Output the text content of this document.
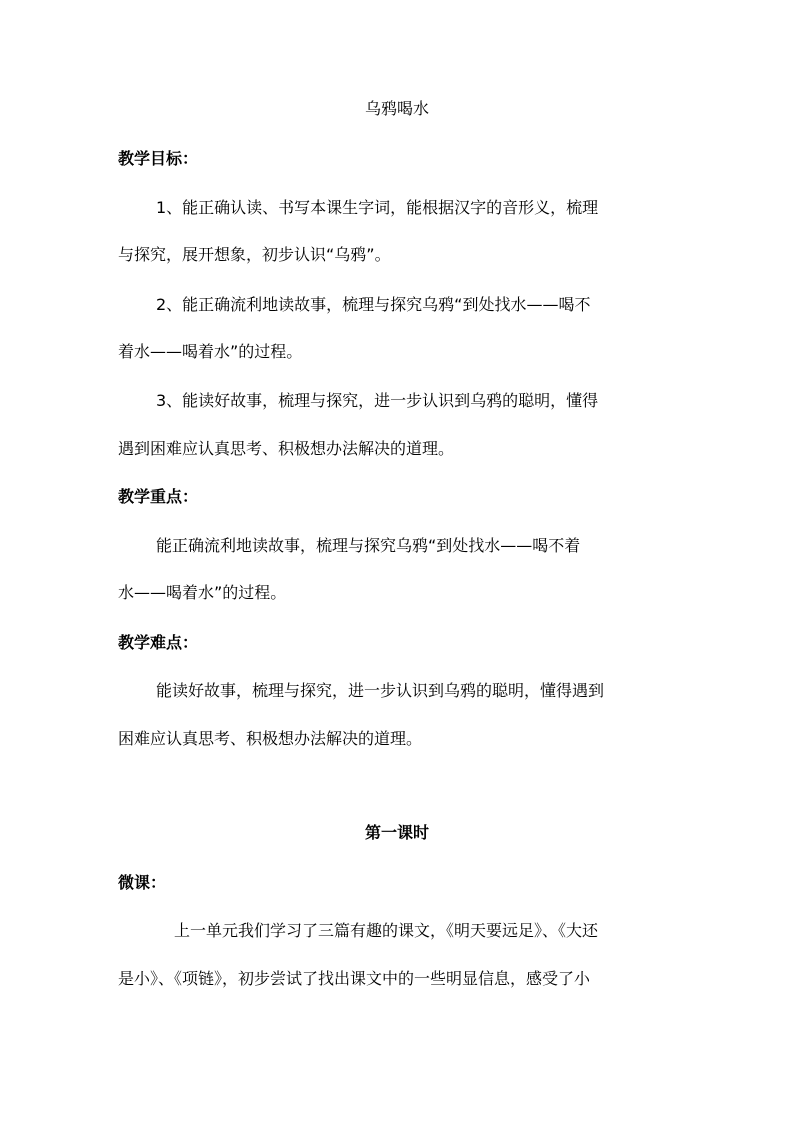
乌鸦喝水
教学目标：
1、能正确认读、书写本课生字词，能根据汉字的音形义，梳理
与探究，展开想象，初步认识“乌鸦”。
2、能正确流利地读故事，梳理与探究乌鸦“到处找水——喝不
着水——喝着水”的过程。
3、能读好故事，梳理与探究，进一步认识到乌鸦的聪明，懂得
遇到困难应认真思考、积极想办法解决的道理。
教学重点：
能正确流利地读故事，梳理与探究乌鸦“到处找水——喝不着
水——喝着水”的过程。
教学难点：
能读好故事，梳理与探究，进一步认识到乌鸦的聪明，懂得遇到
困难应认真思考、积极想办法解决的道理。
第一课时
微课：
上一单元我们学习了三篇有趣的课文，《明天要远足》、《大还
是小》、《项链》，初步尝试了找出课文中的一些明显信息，感受了小
